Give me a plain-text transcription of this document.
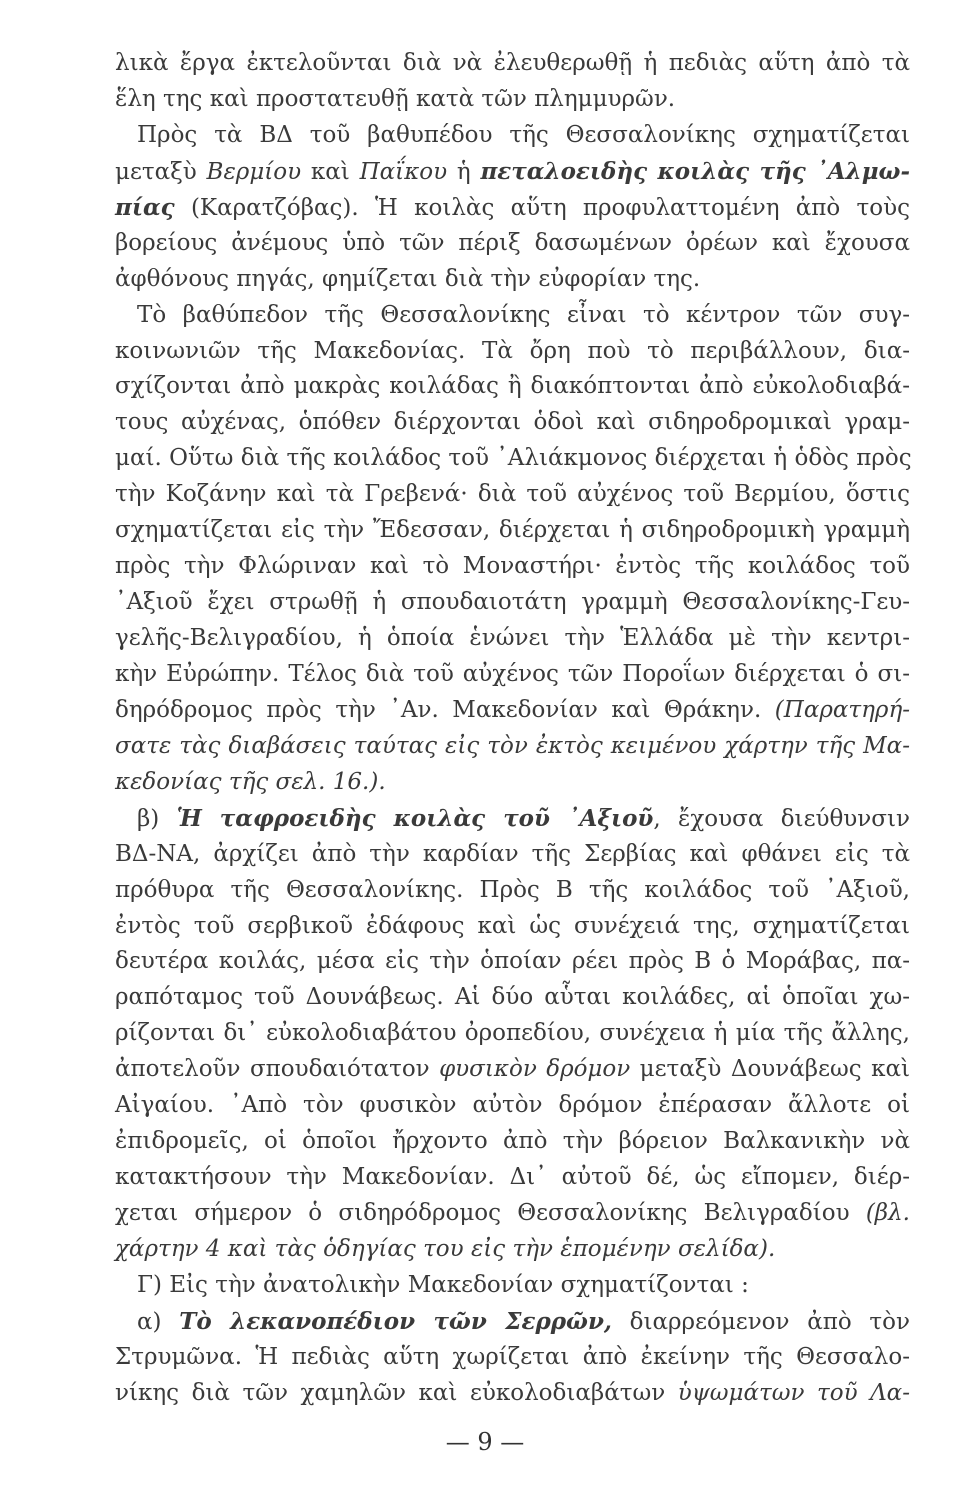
λικὰ ἔργα ἐκτελοῦνται διὰ νὰ ἐλευθερωθῇ ἡ πεδιὰς αὕτη ἀπὸ τὰ
ἕλη της καὶ προστατευθῇ κατὰ τῶν πλημμυρῶν.
Πρὸς τὰ ΒΔ τοῦ βαθυπέδου τῆς Θεσσαλονίκης σχηματίζεται
μεταξὺ Βερμίου καὶ Παΐκου ἡ πεταλοειδὴς κοιλὰς τῆς ᾿Αλμω-
πίας (Καρατζόβας). Ἡ κοιλὰς αὕτη προφυλαττομένη ἀπὸ τοὺς
βορείους ἀνέμους ὑπὸ τῶν πέριξ δασωμένων ὀρέων καὶ ἔχουσα
ἀφθόνους πηγάς, φημίζεται διὰ τὴν εὐφορίαν της.
Τὸ βαθύπεδον τῆς Θεσσαλονίκης εἶναι τὸ κέντρον τῶν συγ-
κοινωνιῶν τῆς Μακεδονίας. Τὰ ὄρη ποὺ τὸ περιβάλλουν, δια-
σχίζονται ἀπὸ μακρὰς κοιλάδας ἢ διακόπτονται ἀπὸ εὐκολοδιαβά-
τους αὐχένας, ὁπόθεν διέρχονται ὁδοὶ καὶ σιδηροδρομικαὶ γραμ-
μαί. Οὕτω διὰ τῆς κοιλάδος τοῦ ᾿Αλιάκμονος διέρχεται ἡ ὁδὸς πρὸς
τὴν Κοζάνην καὶ τὰ Γρεβενά· διὰ τοῦ αὐχένος τοῦ Βερμίου, ὅστις
σχηματίζεται εἰς τὴν Ἔδεσσαν, διέρχεται ἡ σιδηροδρομικὴ γραμμὴ
πρὸς τὴν Φλώριναν καὶ τὸ Μοναστήρι· ἐντὸς τῆς κοιλάδος τοῦ
᾿Αξιοῦ ἔχει στρωθῇ ἡ σπουδαιοτάτη γραμμὴ Θεσσαλονίκης-Γευ-
γελῆς-Βελιγραδίου, ἡ ὁποία ἑνώνει τὴν Ἑλλάδα μὲ τὴν κεντρι-
κὴν Εὐρώπην. Τέλος διὰ τοῦ αὐχένος τῶν Ποροΐων διέρχεται ὁ σι-
δηρόδρομος πρὸς τὴν ᾿Αν. Μακεδονίαν καὶ Θράκην. (Παρατηρή-
σατε τὰς διαβάσεις ταύτας εἰς τὸν ἐκτὸς κειμένου χάρτην τῆς Μα-
κεδονίας τῆς σελ. 16.).
β) Ἡ ταφροειδὴς κοιλὰς τοῦ ᾿Αξιοῦ, ἔχουσα διεύθυνσιν
ΒΔ-ΝΑ, ἀρχίζει ἀπὸ τὴν καρδίαν τῆς Σερβίας καὶ φθάνει εἰς τὰ
πρόθυρα τῆς Θεσσαλονίκης. Πρὸς Β τῆς κοιλάδος τοῦ ᾿Αξιοῦ,
ἐντὸς τοῦ σερβικοῦ ἐδάφους καὶ ὡς συνέχειά της, σχηματίζεται
δευτέρα κοιλάς, μέσα εἰς τὴν ὁποίαν ρέει πρὸς Β ὁ Μοράβας, πα-
ραπόταμος τοῦ Δουνάβεως. Αἱ δύο αὗται κοιλάδες, αἱ ὁποῖαι χω-
ρίζονται δι᾿ εὐκολοδιαβάτου ὀροπεδίου, συνέχεια ἡ μία τῆς ἄλλης,
ἀποτελοῦν σπουδαιότατον φυσικὸν δρόμον μεταξὺ Δουνάβεως καὶ
Αἰγαίου. ᾿Απὸ τὸν φυσικὸν αὐτὸν δρόμον ἐπέρασαν ἄλλοτε οἱ
ἐπιδρομεῖς, οἱ ὁποῖοι ἤρχοντο ἀπὸ τὴν βόρειον Βαλκανικὴν νὰ
κατακτήσουν τὴν Μακεδονίαν. Δι᾿ αὐτοῦ δέ, ὡς εἴπομεν, διέρ-
χεται σήμερον ὁ σιδηρόδρομος Θεσσαλονίκης Βελιγραδίου (βλ.
χάρτην 4 καὶ τὰς ὁδηγίας του εἰς τὴν ἑπομένην σελίδα).
Γ) Εἰς τὴν ἀνατολικὴν Μακεδονίαν σχηματίζονται :
α) Τὸ λεκανοπέδιον τῶν Σερρῶν, διαρρεόμενον ἀπὸ τὸν
Στρυμῶνα. Ἡ πεδιὰς αὕτη χωρίζεται ἀπὸ ἐκείνην τῆς Θεσσαλο-
νίκης διὰ τῶν χαμηλῶν καὶ εὐκολοδιαβάτων ὑψωμάτων τοῦ Λα-
— 9 —
